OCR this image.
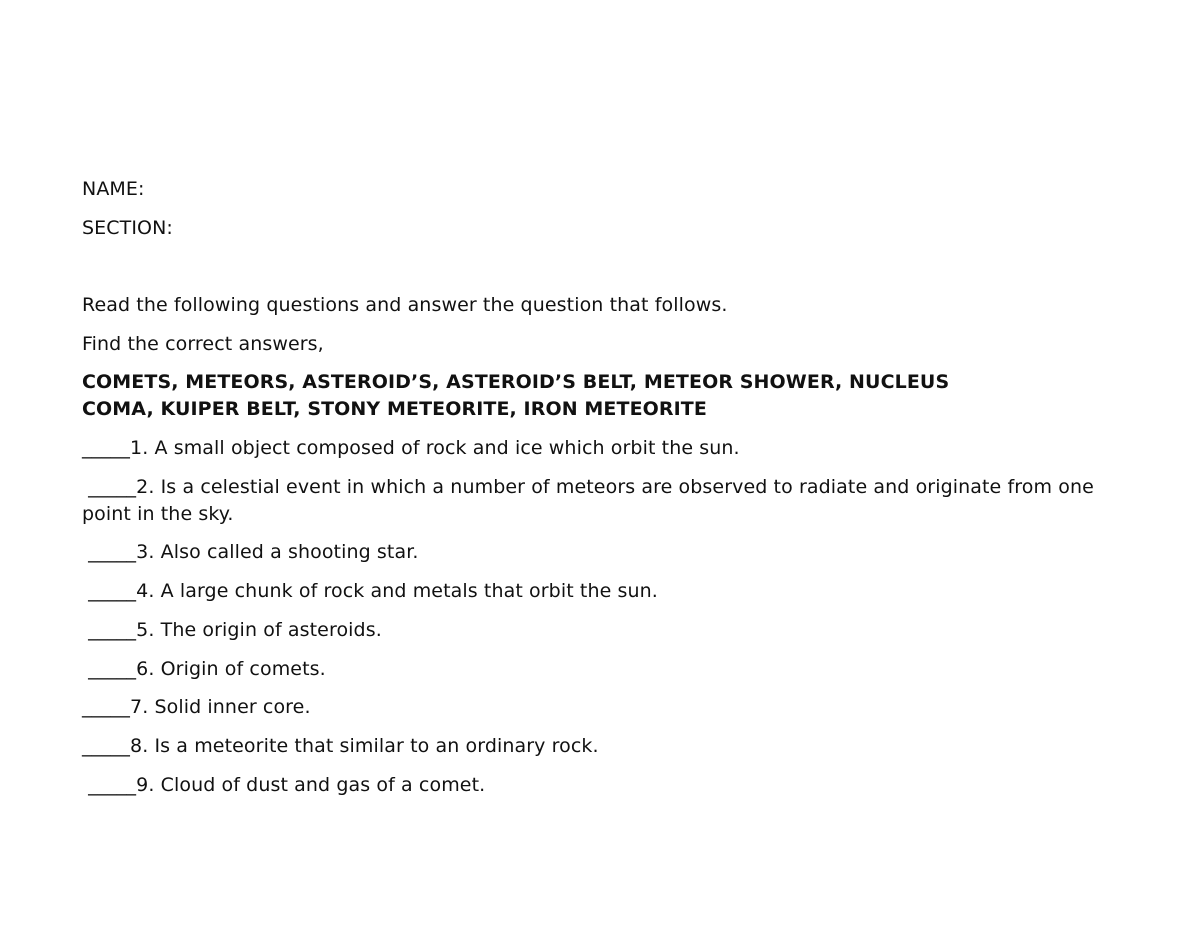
NAME:
SECTION:
Read the following questions and answer the question that follows.
Find the correct answers,
COMETS, METEORS, ASTEROID’S, ASTEROID’S BELT, METEOR SHOWER, NUCLEUS
COMA, KUIPER BELT, STONY METEORITE, IRON METEORITE
_____1. A small object composed of rock and ice which orbit the sun.
_____2. Is a celestial event in which a number of meteors are observed to radiate and originate from one point in the sky.
_____3. Also called a shooting star.
_____4. A large chunk of rock and metals that orbit the sun.
_____5. The origin of asteroids.
_____6. Origin of comets.
_____7. Solid inner core.
_____8. Is a meteorite that similar to an ordinary rock.
_____9. Cloud of dust and gas of a comet.
